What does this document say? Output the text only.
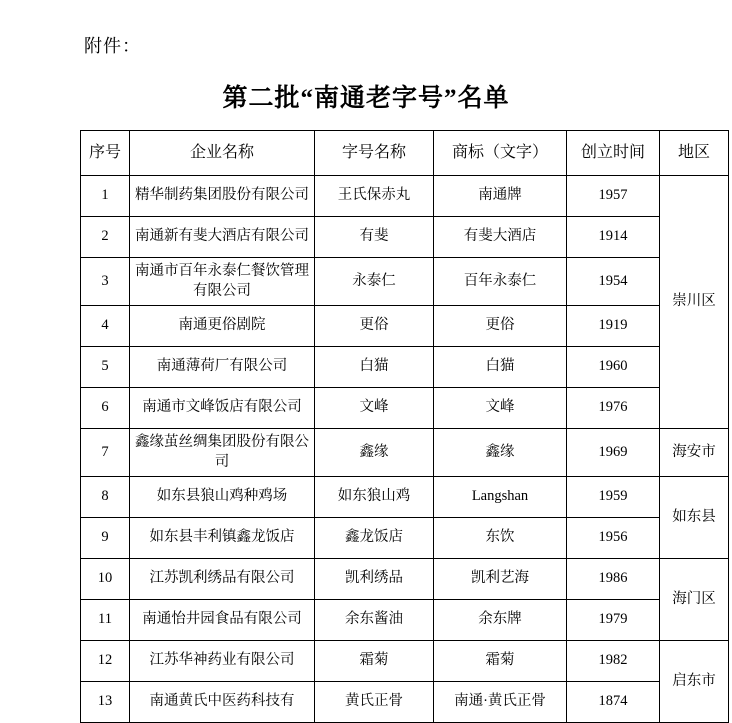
附件：
第二批“南通老字号”名单
序号	企业名称	字号名称	商标（文字）	创立时间	地区
1	精华制药集团股份有限公司	王氏保赤丸	南通牌	1957	崇川区
2	南通新有斐大酒店有限公司	有斐	有斐大酒店	1914	
3	南通市百年永泰仁餐饮管理有限公司	永泰仁	百年永泰仁	1954	
4	南通更俗剧院	更俗	更俗	1919	
5	南通薄荷厂有限公司	白猫	白猫	1960	
6	南通市文峰饭店有限公司	文峰	文峰	1976	
7	鑫缘茧丝绸集团股份有限公司	鑫缘	鑫缘	1969	海安市
8	如东县狼山鸡种鸡场	如东狼山鸡	Langshan	1959	如东县
9	如东县丰利镇鑫龙饭店	鑫龙饭店	东饮	1956	
10	江苏凯利绣品有限公司	凯利绣品	凯利艺海	1986	海门区
11	南通怡井园食品有限公司	余东酱油	余东牌	1979	
12	江苏华神药业有限公司	霜菊	霜菊	1982	启东市
13	南通黄氏中医药科技有	黄氏正骨	南通·黄氏正骨	1874	
